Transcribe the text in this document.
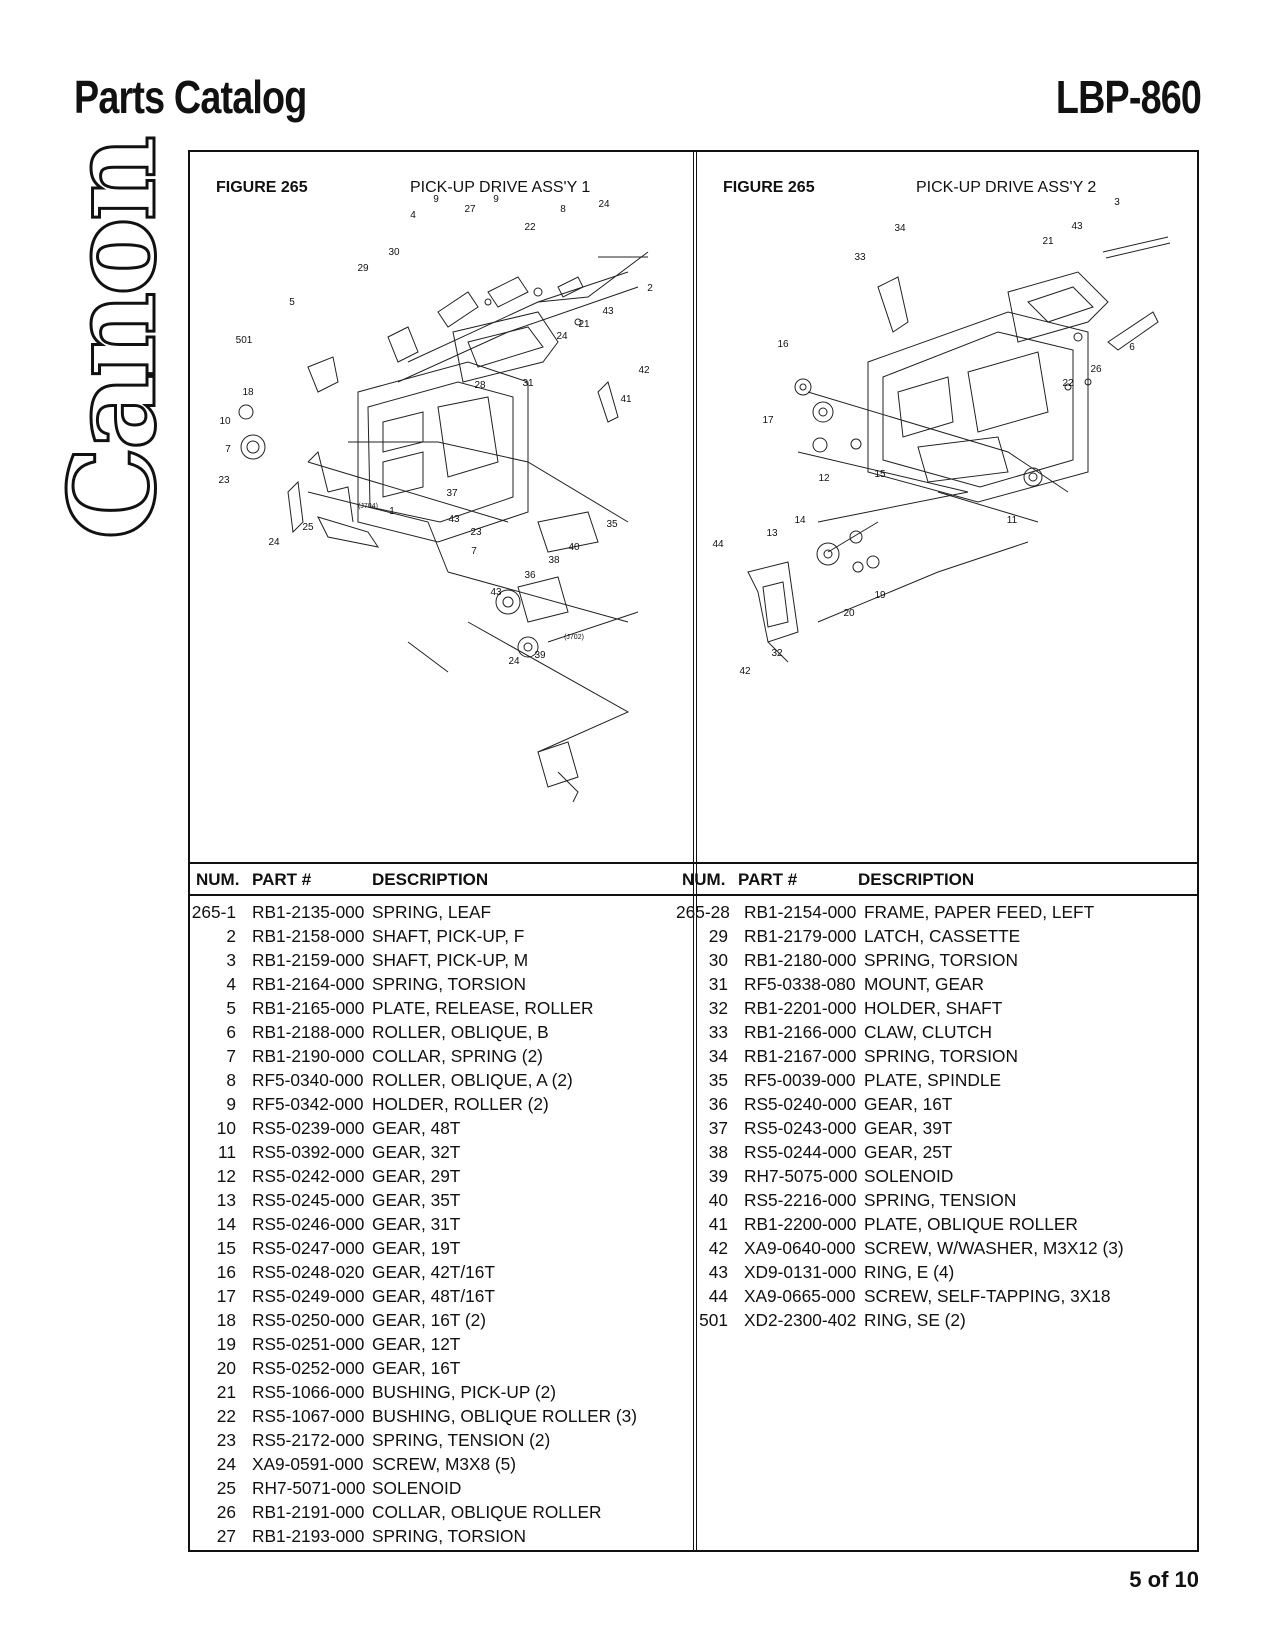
Parts Catalog	LBP-860
Canon FIGURE 265	PICK-UP DRIVE ASS'Y 1	FIGURE 265	PICK-UP DRIVE ASS'Y 2
9
27
9
4
8	24
22
30
29
2
43
21
24
5
501
42
18
28	31
41
10
7
23
1
(J704)
37
35
43
23
7	40
38
36
43
(J702)
24
39
25
24
3
34	43
21
33
6
16
26
22
17
12	15
11
14
13
44
19
20
32
42
NUM. PART #	DESCRIPTION	NUM. PART #	DESCRIPTION
265-1 RB1-2135-000 SPRING, LEAF
2 RB1-2158-000 SHAFT, PICK-UP, F
3 RB1-2159-000 SHAFT, PICK-UP, M
4 RB1-2164-000 SPRING, TORSION
5 RB1-2165-000 PLATE, RELEASE, ROLLER
6 RB1-2188-000 ROLLER, OBLIQUE, B
7 RB1-2190-000 COLLAR, SPRING (2)
8 RF5-0340-000 ROLLER, OBLIQUE, A (2)
9 RF5-0342-000 HOLDER, ROLLER (2)
10 RS5-0239-000 GEAR, 48T
11 RS5-0392-000 GEAR, 32T
12 RS5-0242-000 GEAR, 29T
13 RS5-0245-000 GEAR, 35T
14 RS5-0246-000 GEAR, 31T
15 RS5-0247-000 GEAR, 19T
16 RS5-0248-020 GEAR, 42T/16T
17 RS5-0249-000 GEAR, 48T/16T
18 RS5-0250-000 GEAR, 16T (2)
19 RS5-0251-000 GEAR, 12T
20 RS5-0252-000 GEAR, 16T
21 RS5-1066-000 BUSHING, PICK-UP (2)
22 RS5-1067-000 BUSHING, OBLIQUE ROLLER (3)
23 RS5-2172-000 SPRING, TENSION (2)
24 XA9-0591-000 SCREW, M3X8 (5)
25 RH7-5071-000 SOLENOID
26 RB1-2191-000 COLLAR, OBLIQUE ROLLER
27 RB1-2193-000 SPRING, TORSION
265-28 RB1-2154-000 FRAME, PAPER FEED, LEFT
29 RB1-2179-000 LATCH, CASSETTE
30 RB1-2180-000 SPRING, TORSION
31 RF5-0338-080 MOUNT, GEAR
32 RB1-2201-000 HOLDER, SHAFT
33 RB1-2166-000 CLAW, CLUTCH
34 RB1-2167-000 SPRING, TORSION
35 RF5-0039-000 PLATE, SPINDLE
36 RS5-0240-000 GEAR, 16T
37 RS5-0243-000 GEAR, 39T
38 RS5-0244-000 GEAR, 25T
39 RH7-5075-000 SOLENOID
40 RS5-2216-000 SPRING, TENSION
41 RB1-2200-000 PLATE, OBLIQUE ROLLER
42 XA9-0640-000 SCREW, W/WASHER, M3X12 (3)
43 XD9-0131-000 RING, E (4)
44 XA9-0665-000 SCREW, SELF-TAPPING, 3X18
501 XD2-2300-402 RING, SE (2)
5 of 10
